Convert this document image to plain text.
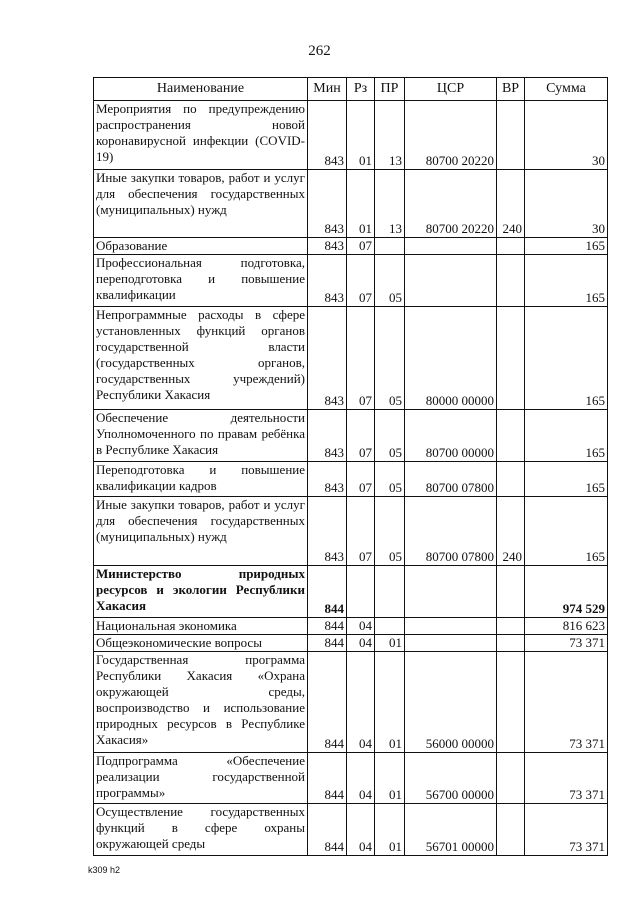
262
Наименование	Мин	Рз	ПР	ЦСР	ВР	Сумма
Мероприятия по предупреждению распространения новой коронавирусной инфекции (COVID-19)	843	01	13	80700 20220		30
Иные закупки товаров, работ и услуг для обеспечения государственных (муниципальных) нужд	843	01	13	80700 20220	240	30
Образование	843	07				165
Профессиональная подготовка, переподготовка и повышение квалификации	843	07	05			165
Непрограммные расходы в сфере установленных функций органов государственной власти (государственных органов, государственных учреждений) Республики Хакасия	843	07	05	80000 00000		165
Обеспечение деятельности Уполномоченного по правам ребёнка в Республике Хакасия	843	07	05	80700 00000		165
Переподготовка и повышение квалификации кадров	843	07	05	80700 07800		165
Иные закупки товаров, работ и услуг для обеспечения государственных (муниципальных) нужд	843	07	05	80700 07800	240	165
Министерство природных ресурсов и экологии Республики Хакасия	844					974 529
Национальная экономика	844	04				816 623
Общеэкономические вопросы	844	04	01			73 371
Государственная программа Республики Хакасия «Охрана окружающей среды, воспроизводство и использование природных ресурсов в Республике Хакасия»	844	04	01	56000 00000		73 371
Подпрограмма «Обеспечение реализации государственной программы»	844	04	01	56700 00000		73 371
Осуществление государственных функций в сфере охраны окружающей среды	844	04	01	56701 00000		73 371
k309 h2
